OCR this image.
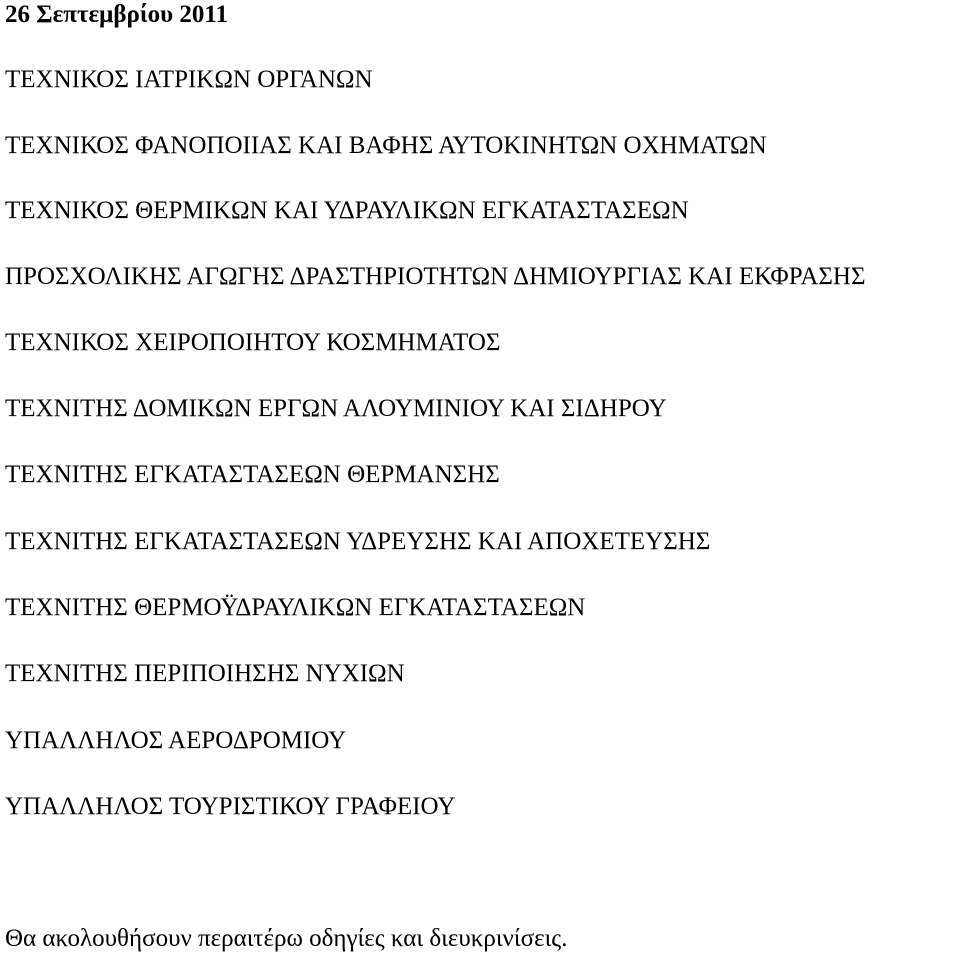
26 Σεπτεμβρίου 2011
ΤΕΧΝΙΚΟΣ ΙΑΤΡΙΚΩΝ ΟΡΓΑΝΩΝ
ΤΕΧΝΙΚΟΣ ΦΑΝΟΠΟΙΙΑΣ ΚΑΙ ΒΑΦΗΣ ΑΥΤΟΚΙΝΗΤΩΝ ΟΧΗΜΑΤΩΝ
ΤΕΧΝΙΚΟΣ ΘΕΡΜΙΚΩΝ ΚΑΙ ΥΔΡΑΥΛΙΚΩΝ ΕΓΚΑΤΑΣΤΑΣΕΩΝ
ΠΡΟΣΧΟΛΙΚΗΣ ΑΓΩΓΗΣ ΔΡΑΣΤΗΡΙΟΤΗΤΩΝ ΔΗΜΙΟΥΡΓΙΑΣ ΚΑΙ ΕΚΦΡΑΣΗΣ
ΤΕΧΝΙΚΟΣ ΧΕΙΡΟΠΟΙΗΤΟΥ ΚΟΣΜΗΜΑΤΟΣ
ΤΕΧΝΙΤΗΣ ΔΟΜΙΚΩΝ ΕΡΓΩΝ ΑΛΟΥΜΙΝΙΟΥ ΚΑΙ ΣΙΔΗΡΟΥ
ΤΕΧΝΙΤΗΣ ΕΓΚΑΤΑΣΤΑΣΕΩΝ ΘΕΡΜΑΝΣΗΣ
ΤΕΧΝΙΤΗΣ ΕΓΚΑΤΑΣΤΑΣΕΩΝ ΥΔΡΕΥΣΗΣ ΚΑΙ ΑΠΟΧΕΤΕΥΣΗΣ
ΤΕΧΝΙΤΗΣ ΘΕΡΜΟΫΔΡΑΥΛΙΚΩΝ ΕΓΚΑΤΑΣΤΑΣΕΩΝ
ΤΕΧΝΙΤΗΣ ΠΕΡΙΠΟΙΗΣΗΣ ΝΥΧΙΩΝ
ΥΠΑΛΛΗΛΟΣ ΑΕΡΟΔΡΟΜΙΟΥ
ΥΠΑΛΛΗΛΟΣ ΤΟΥΡΙΣΤΙΚΟΥ ΓΡΑΦΕΙΟΥ
Θα ακολουθήσουν περαιτέρω οδηγίες και διευκρινίσεις.
